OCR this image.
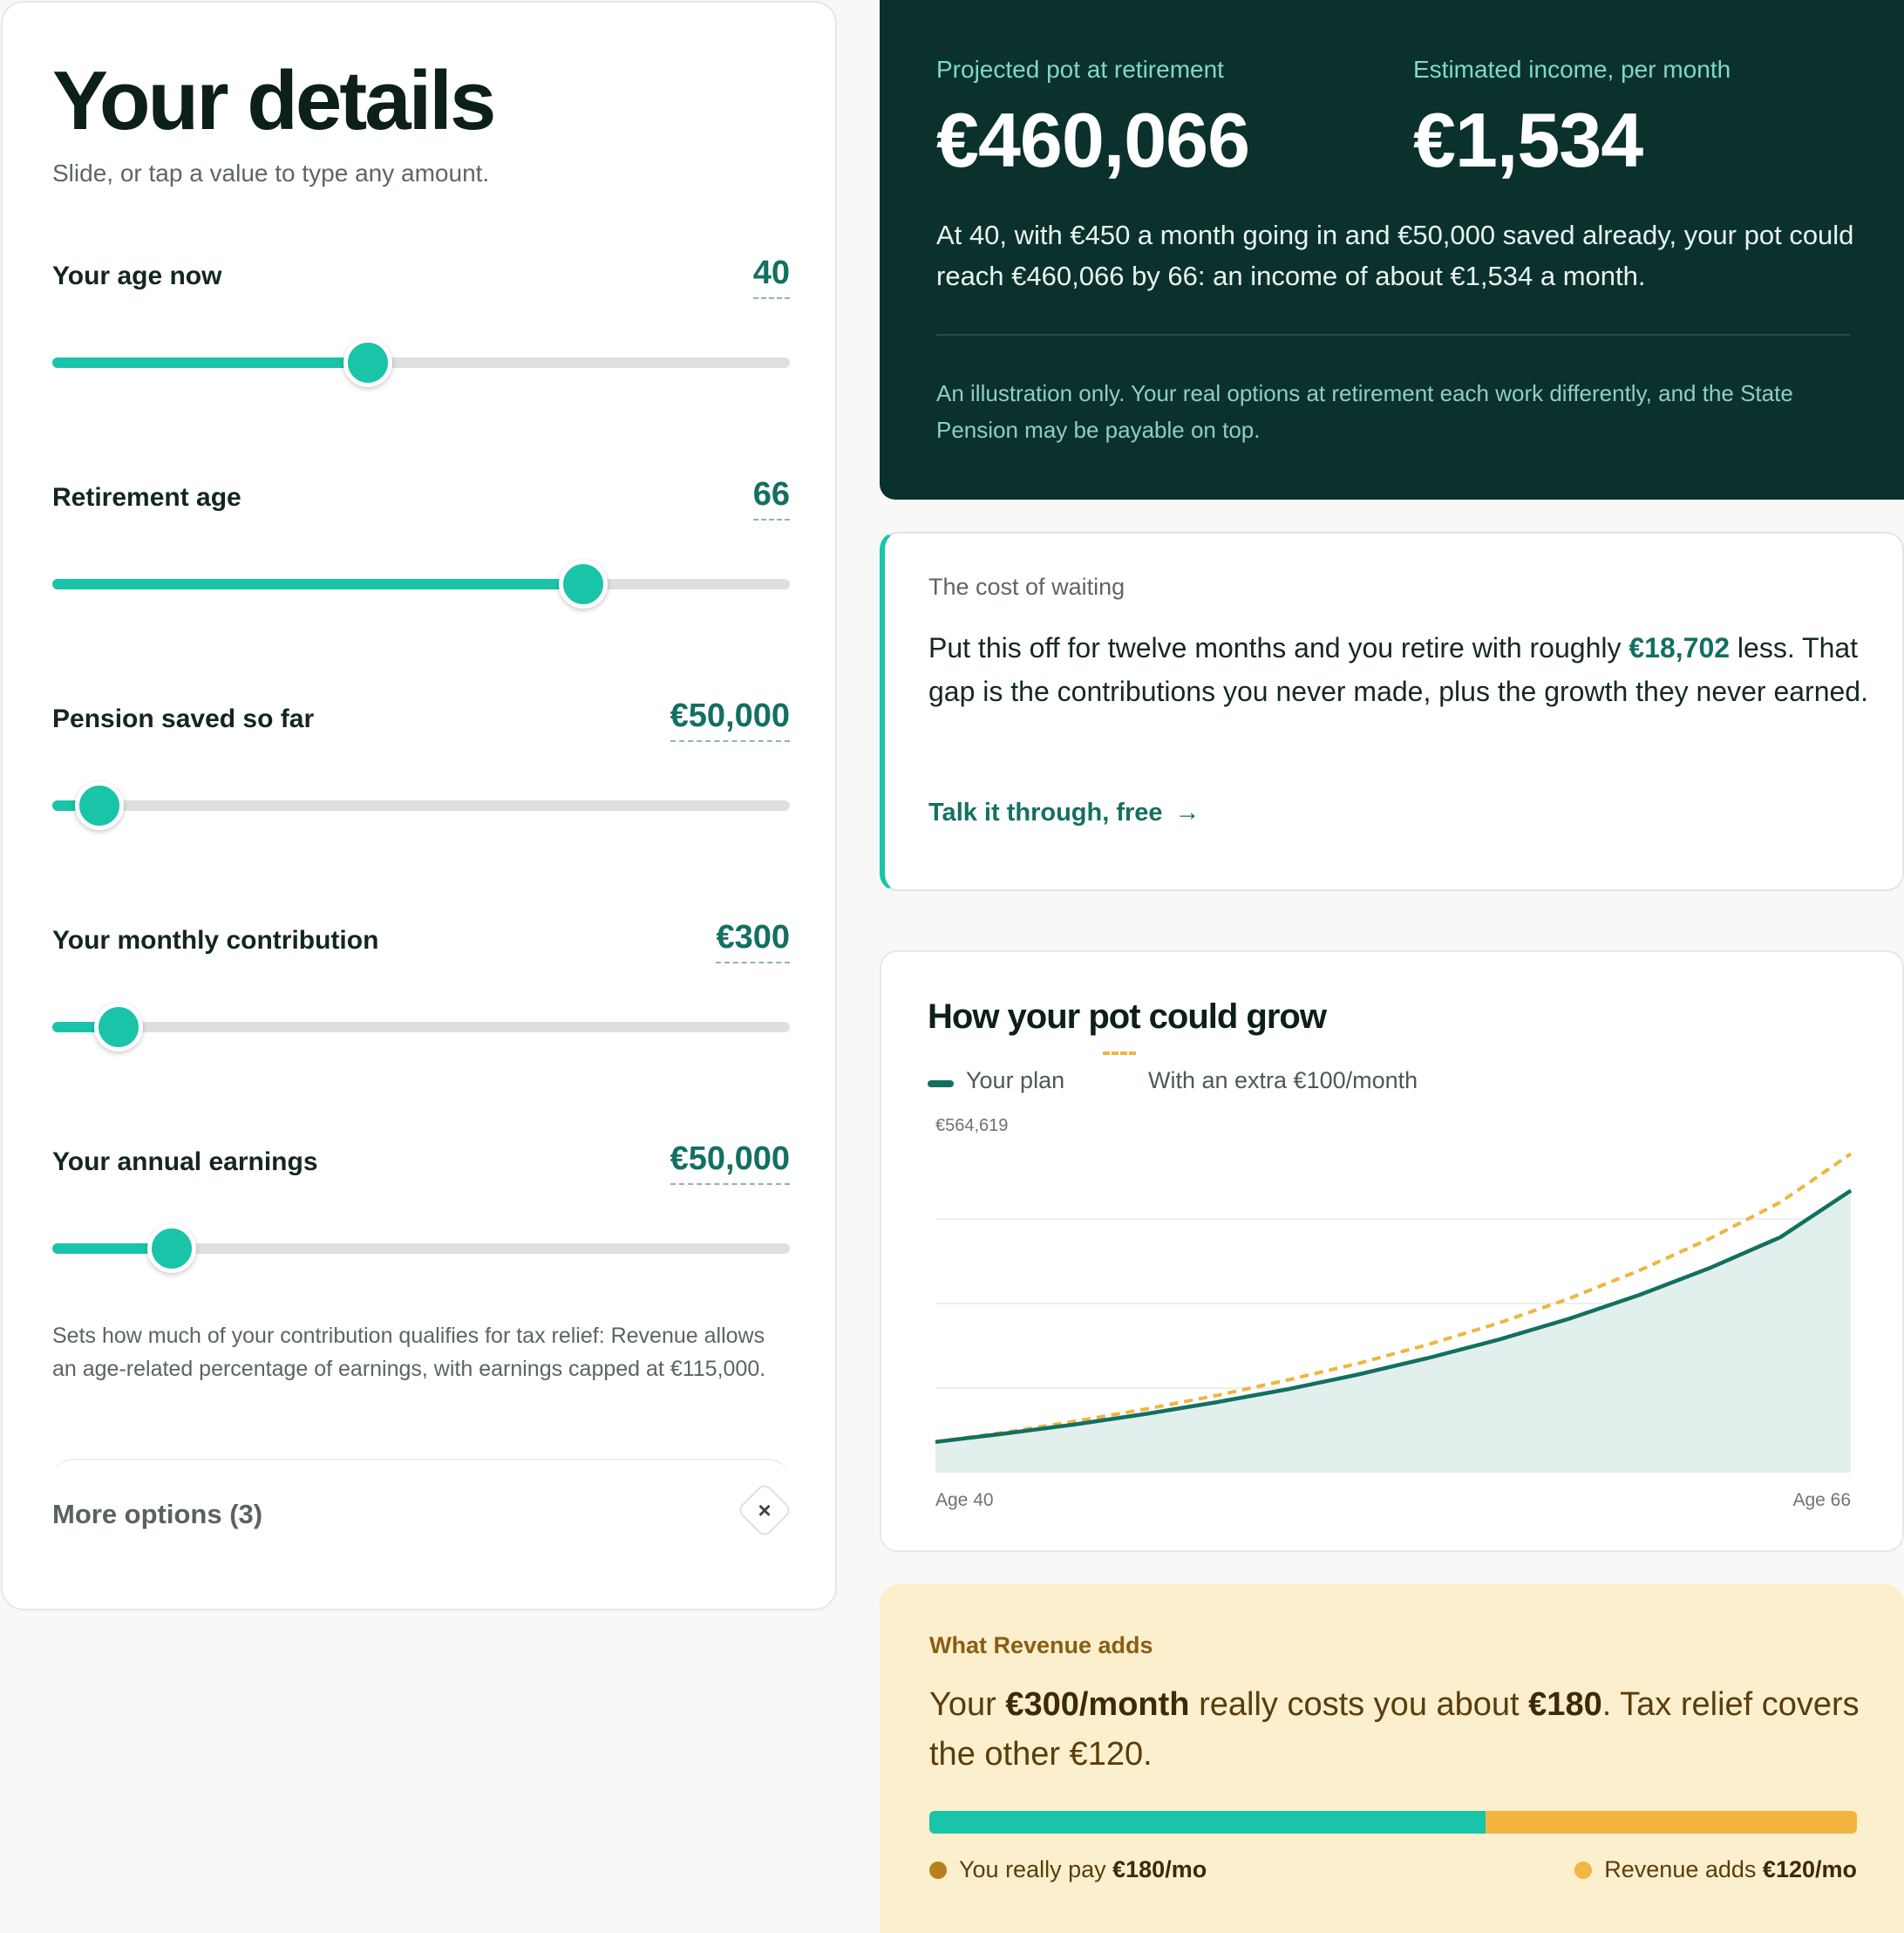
Your details

Slide, or tap a value to type any amount.

Your age now	40
Retirement age	66
Pension saved so far	€50,000
Your monthly contribution	€300
Your annual earnings	€50,000

Sets how much of your contribution qualifies for tax relief: Revenue allows an age-related percentage of earnings, with earnings capped at €115,000.

More options (3)	×
Projected pot at retirement
€460,066
Estimated income, per month
€1,534

At 40, with €450 a month going in and €50,000 saved already, your pot could reach €460,066 by 66: an income of about €1,534 a month.

An illustration only. Your real options at retirement each work differently, and the State Pension may be payable on top.

The cost of waiting

Put this off for twelve months and you retire with roughly €18,702 less. That gap is the contributions you never made, plus the growth they never earned.

Talk it through, free →
€564,619
Age 40	Age 66
How your pot could grow
Your plan	With an extra €100/month
What Revenue adds

Your €300/month really costs you about €180. Tax relief covers the other €120.

You really pay €180/mo	Revenue adds €120/mo
